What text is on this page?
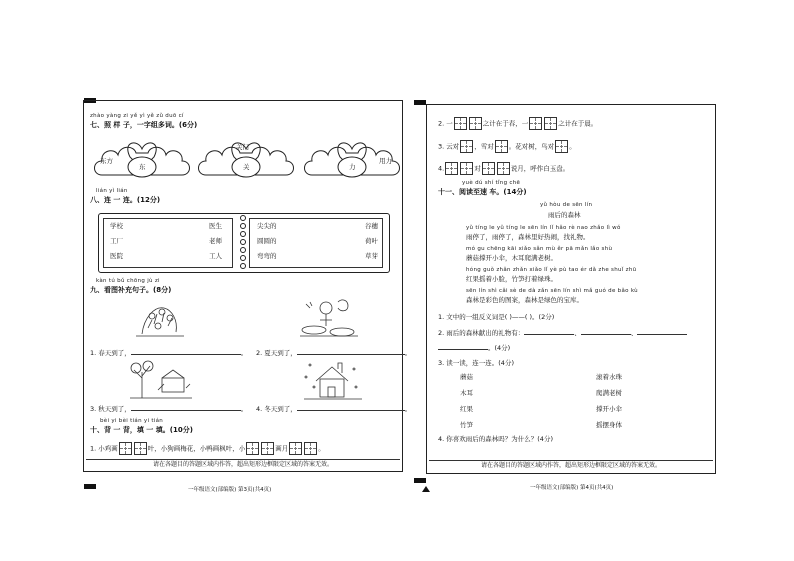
zhào yàng zi yě yì yě zǔ duō cí
七、照 样 子，一字组多词。(6分)
东方
东
关门
关	力
用力
lián yì lián
八、连 一 连。(12分)
学校
工厂
医院
医生
老师
工人
尖尖的
圆圆的
弯弯的
谷穗
荷叶
草芽
kàn tú bǔ chōng jù zi
九、看图补充句子。(8分)
1. 春天到了，	。 2. 夏天到了，	。
3. 秋天到了，	。 4. 冬天到了，	。
bèi yi bèi tián yi tián
十、背 一 背，填 一 填。(10分)
1. 小鸡画	叶，小狗画梅花，小鸭画枫叶，小	画月	。
请在各题目的答题区域内作答，超出矩形边框限定区域的答案无效。
一年级语文(部编版) 第3页(共4页)
2. 一	之计在于春，一	之计在于晨。
3. 云对 ，雪对 。花对树，鸟对 。
4.	对	说月，呼作白玉盘。
yuè dú shí tǐng chē
十一、阅读至速 车。(14分)
yǔ hòu de sēn lín
雨后的森林
yǔ tíng le yǔ tíng le sēn lín lǐ hǎo rè nao zhǎo lì wǒ
雨停了，雨停了，森林里好热闹，找礼物。
mó gu chēng kāi xiǎo sǎn mù ěr pā mǎn lǎo shù
蘑菇撑开小伞，木耳爬满老树。
hóng guǒ zhǎn zhǎn xiǎo lǐ yè pù tao ér dǎ zhe shuǐ zhū
红果摇着小脸，竹笋打着绿珠。
sēn lín shì cǎi sè de dà zǎn sēn lín shì mǎ guó de bǎo kù
森林是彩色的图案，森林是绿色的宝库。
1. 文中的一组反义词是( )——( )。(2分)
2. 雨后的森林献出的礼物有：	、	、
。(4分)
3. 读一读，连一连。(4分)
蘑菇
木耳
红果
竹笋
滚着水珠
爬满老树
撑开小伞
摇摆身体
4. 你喜欢雨后的森林吗？为什么？(4分)
请在各题目的答题区域内作答，超出矩形边框限定区域的答案无效。
一年级语文(部编版) 第4页(共4页)
